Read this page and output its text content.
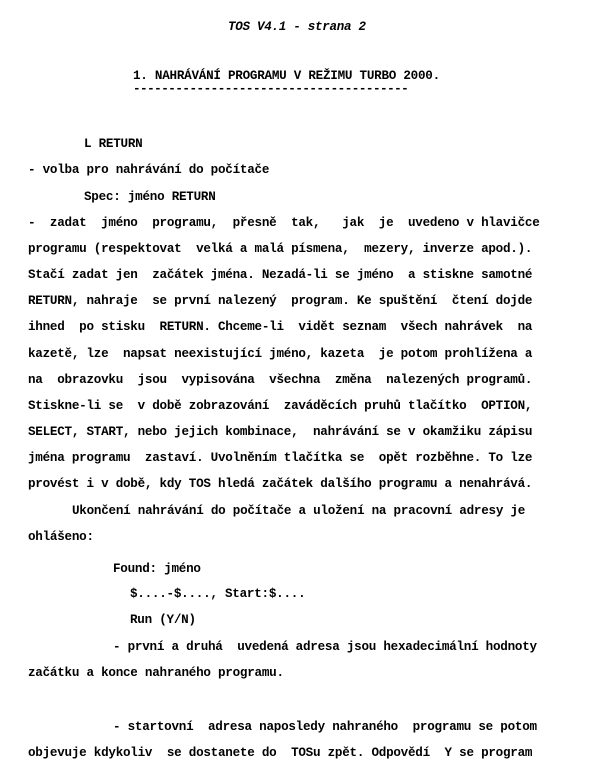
TOS V4.1 - strana 2
1. NAHRÁVÁNÍ PROGRAMU V REŽIMU TURBO 2000.
---------------------------------------
L RETURN
- volba pro nahrávání do počítače
Spec: jméno RETURN
-  zadat  jméno  programu,  přesně  tak,   jak  je  uvedeno v hlavičce
programu (respektovat  velká a malá písmena,  mezery, inverze apod.).
Stačí zadat jen  začátek jména. Nezadá-li se jméno  a stiskne samotné
RETURN, nahraje  se první nalezený  program. Ke spuštění  čtení dojde
ihned  po stisku  RETURN. Chceme-li  vidět seznam  všech nahrávek  na
kazetě, lze  napsat neexistující jméno, kazeta  je potom prohlížena a
na  obrazovku  jsou  vypisována  všechna  změna  nalezených programů.
Stiskne-li se  v době zobrazování  zaváděcích pruhů tlačítko  OPTION,
SELECT, START, nebo jejich kombinace,  nahrávání se v okamžiku zápisu
jména programu  zastaví. Uvolněním tlačítka se  opět rozběhne. To lze
provést i v době, kdy TOS hledá začátek dalšího programu a nenahrává.
Ukončení nahrávání do počítače a uložení na pracovní adresy je
ohlášeno:
Found: jméno
$....-$...., Start:$....
Run (Y/N)
- první a druhá  uvedená adresa jsou hexadecimální hodnoty
začátku a konce nahraného programu.
- startovní  adresa naposledy nahraného  programu se potom
objevuje kdykoliv  se dostanete do  TOSu zpět. Odpovědí  Y se program
